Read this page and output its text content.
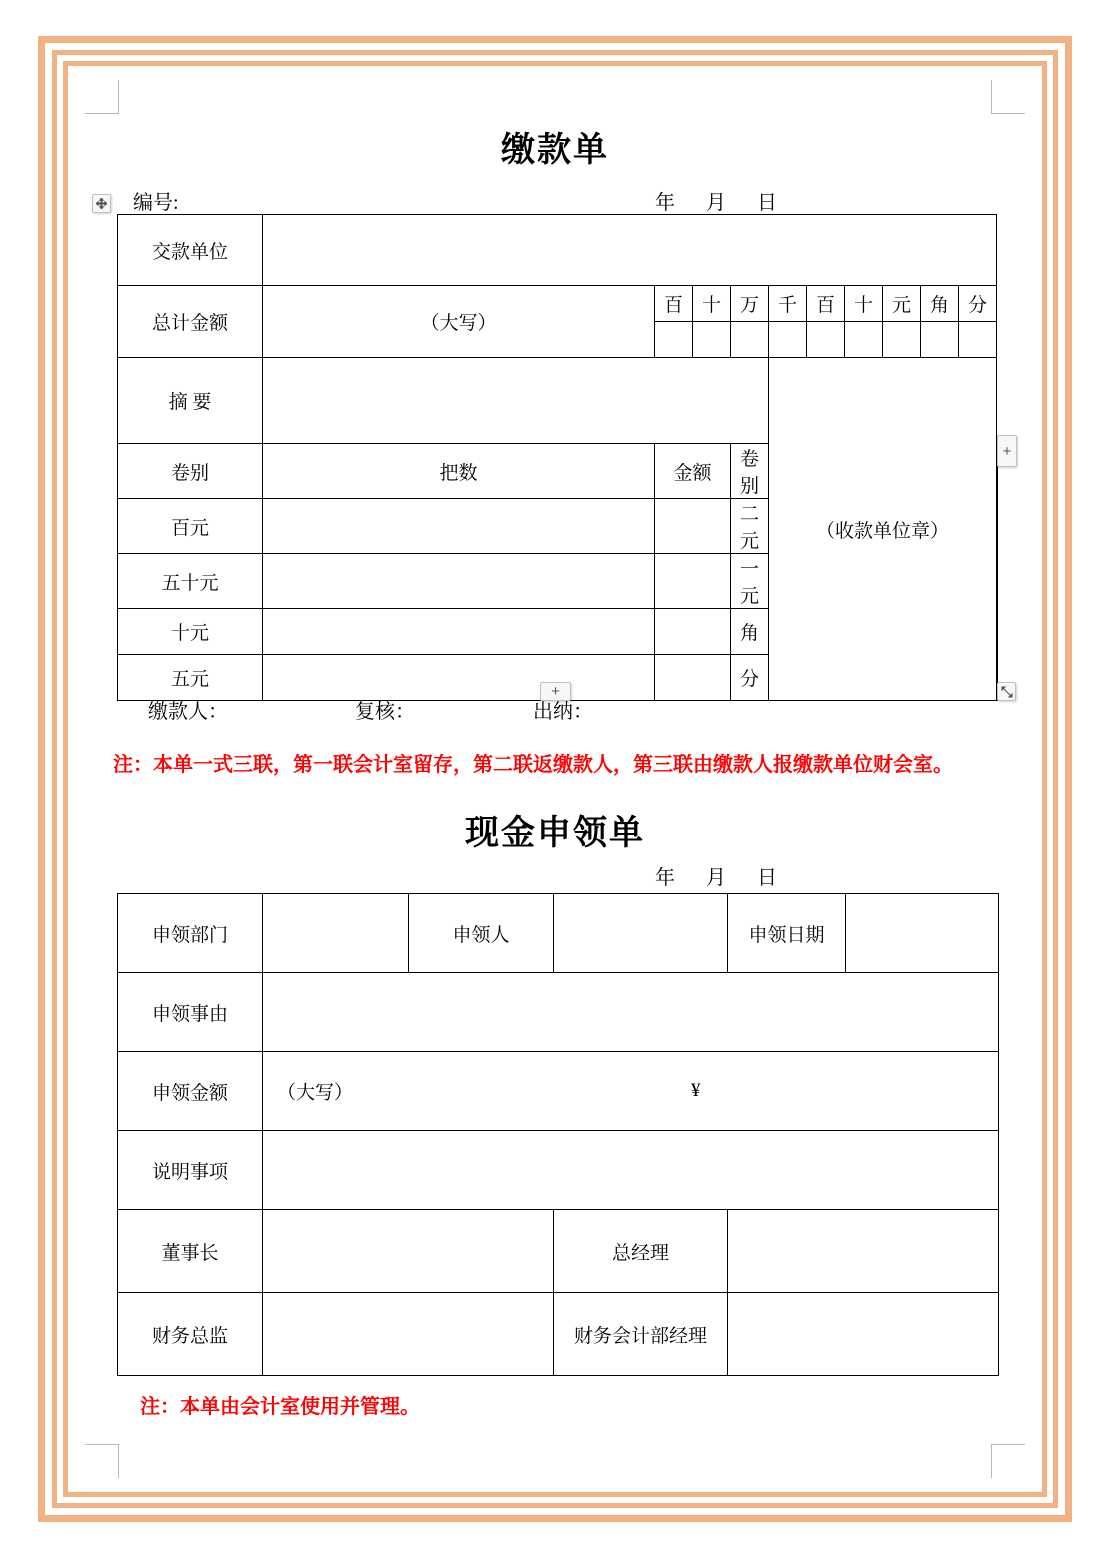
缴款单
编号:	年     月     日
交款单位											
总计金额	（大写）	百	十	万	千	百	十	元	角	分	

摘 要					（收款单位章）						
卷别	把数	金额		卷别	
百元				二元							
五十元				一元							
十元				角							
五元				分							
缴款人：	复核：	出纳：
注：本单一式三联，第一联会计室留存，第二联返缴款人，第三联由缴款人报缴款单位财会室。
现金申领单
年     月     日
申领部门		申领人		申领日期	
申领事由					
申领金额	（大写） ¥				

说明事项					
董事长			总经理		
财务总监			财务会计部经理		
注：本单由会计室使用并管理。
+
+
